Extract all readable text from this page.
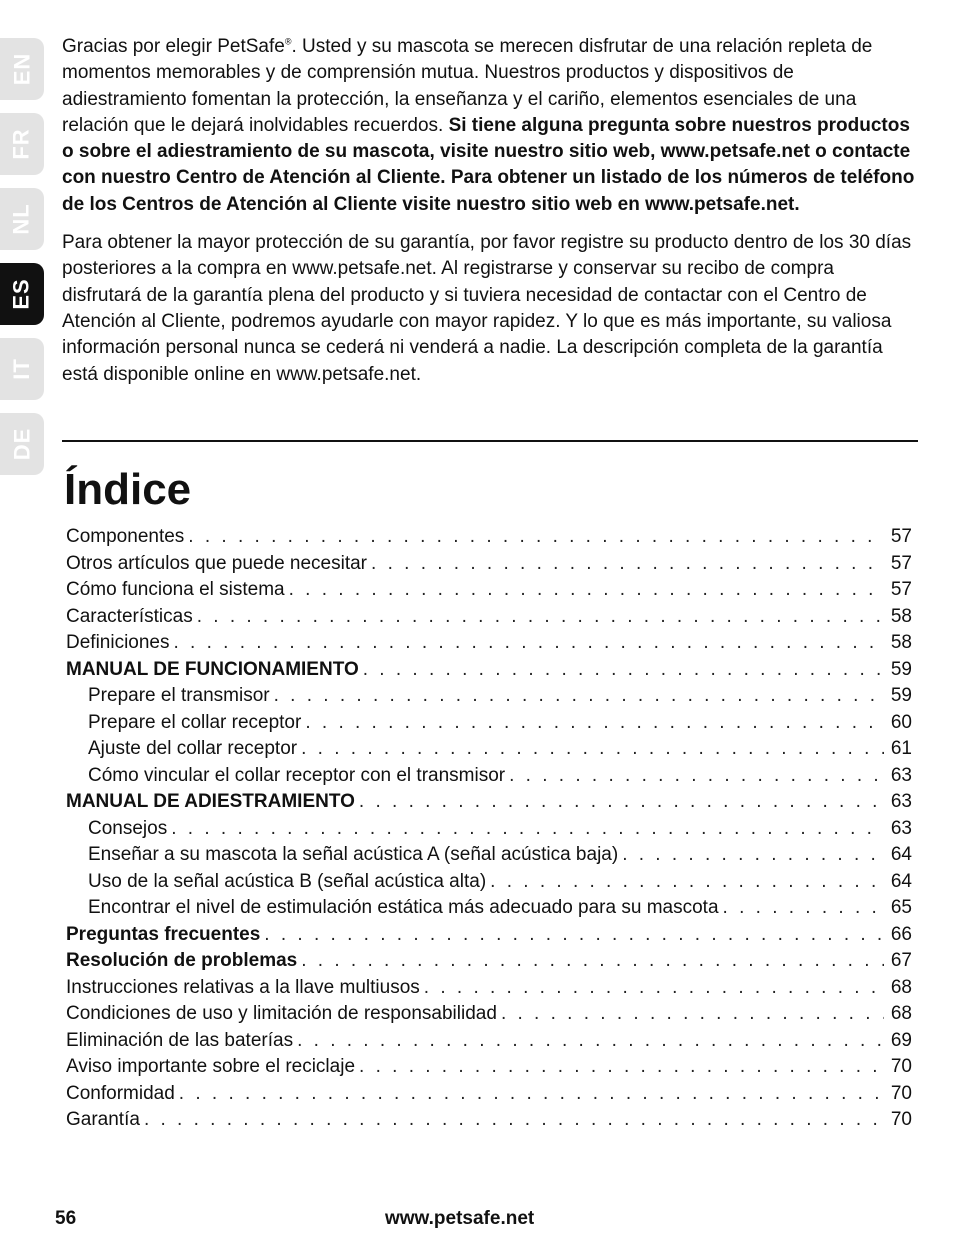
EN
FR
NL
ES
IT
DE

Gracias por elegir PetSafe®. Usted y su mascota se merecen disfrutar de una relación repleta de momentos memorables y de comprensión mutua. Nuestros productos y dispositivos de adiestramiento fomentan la protección, la enseñanza y el cariño, elementos esenciales de una relación que le dejará inolvidables recuerdos. Si tiene alguna pregunta sobre nuestros productos o sobre el adiestramiento de su mascota, visite nuestro sitio web, www.petsafe.net o contacte con nuestro Centro de Atención al Cliente. Para obtener un listado de los números de teléfono de los Centros de Atención al Cliente visite nuestro sitio web en www.petsafe.net.

Para obtener la mayor protección de su garantía, por favor registre su producto dentro de los 30 días posteriores a la compra en www.petsafe.net. Al registrarse y conservar su recibo de compra disfrutará de la garantía plena del producto y si tuviera necesidad de contactar con el Centro de Atención al Cliente, podremos ayudarle con mayor rapidez. Y lo que es más importante, su valiosa información personal nunca se cederá ni venderá a nadie. La descripción completa de la garantía está disponible online en www.petsafe.net.

Índice
Componentes . . .	57
Otros artículos que puede necesitar . . .	57
Cómo funciona el sistema . . .	57
Características . . .	58
Definiciones . . .	58
MANUAL DE FUNCIONAMIENTO . . .	59
Prepare el transmisor . . .	59
Prepare el collar receptor . . .	60
Ajuste del collar receptor . . .	61
Cómo vincular el collar receptor con el transmisor . . .	63
MANUAL DE ADIESTRAMIENTO . . .	63
Consejos . . .	63
Enseñar a su mascota la señal acústica A (señal acústica baja) . . .	64
Uso de la señal acústica B (señal acústica alta) . . .	64
Encontrar el nivel de estimulación estática más adecuado para su mascota . . .	65
Preguntas frecuentes . . .	66
Resolución de problemas . . .	67
Instrucciones relativas a la llave multiusos . . .	68
Condiciones de uso y limitación de responsabilidad . . .	68
Eliminación de las baterías . . .	69
Aviso importante sobre el reciclaje . . .	70
Conformidad . . .	70
Garantía . . .	70
56	www.petsafe.net
